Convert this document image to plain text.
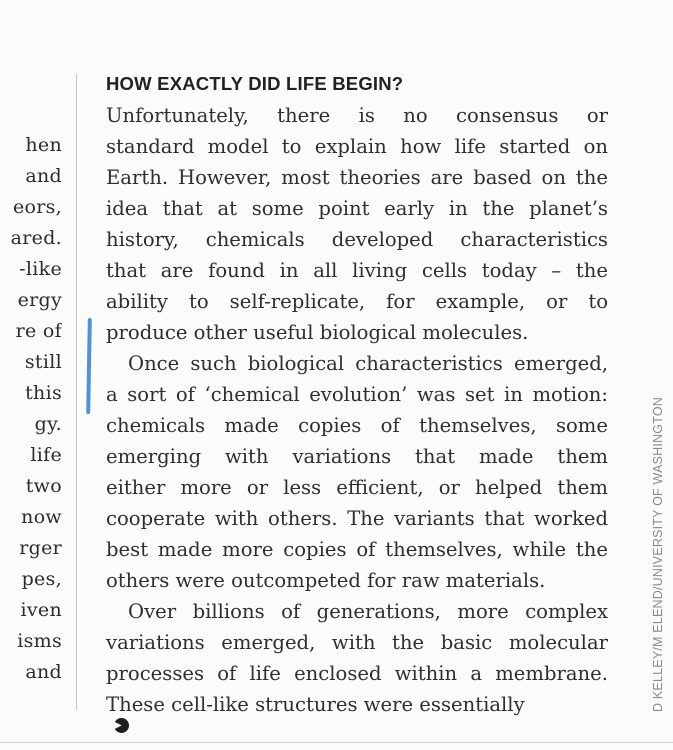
hen
and
eors,
ared.
-like
ergy
re of
still
this
gy.
life
two
now
rger
pes,
iven
isms
and
HOW EXACTLY DID LIFE BEGIN?

Unfortunately, there is no consensus or
standard model to explain how life started on
Earth. However, most theories are based on the
idea that at some point early in the planet’s
history, chemicals developed characteristics
that are found in all living cells today – the
ability to self-replicate, for example, or to
produce other useful biological molecules.

Once such biological characteristics emerged,
a sort of ‘chemical evolution’ was set in motion:
chemicals made copies of themselves, some
emerging with variations that made them
either more or less efficient, or helped them
cooperate with others. The variants that worked
best made more copies of themselves, while the
others were outcompeted for raw materials.

Over billions of generations, more complex
variations emerged, with the basic molecular
processes of life enclosed within a membrane.
These cell-like structures were essentially
▶

D KELLEY/M ELEND/UNIVERSITY OF WASHINGTON
